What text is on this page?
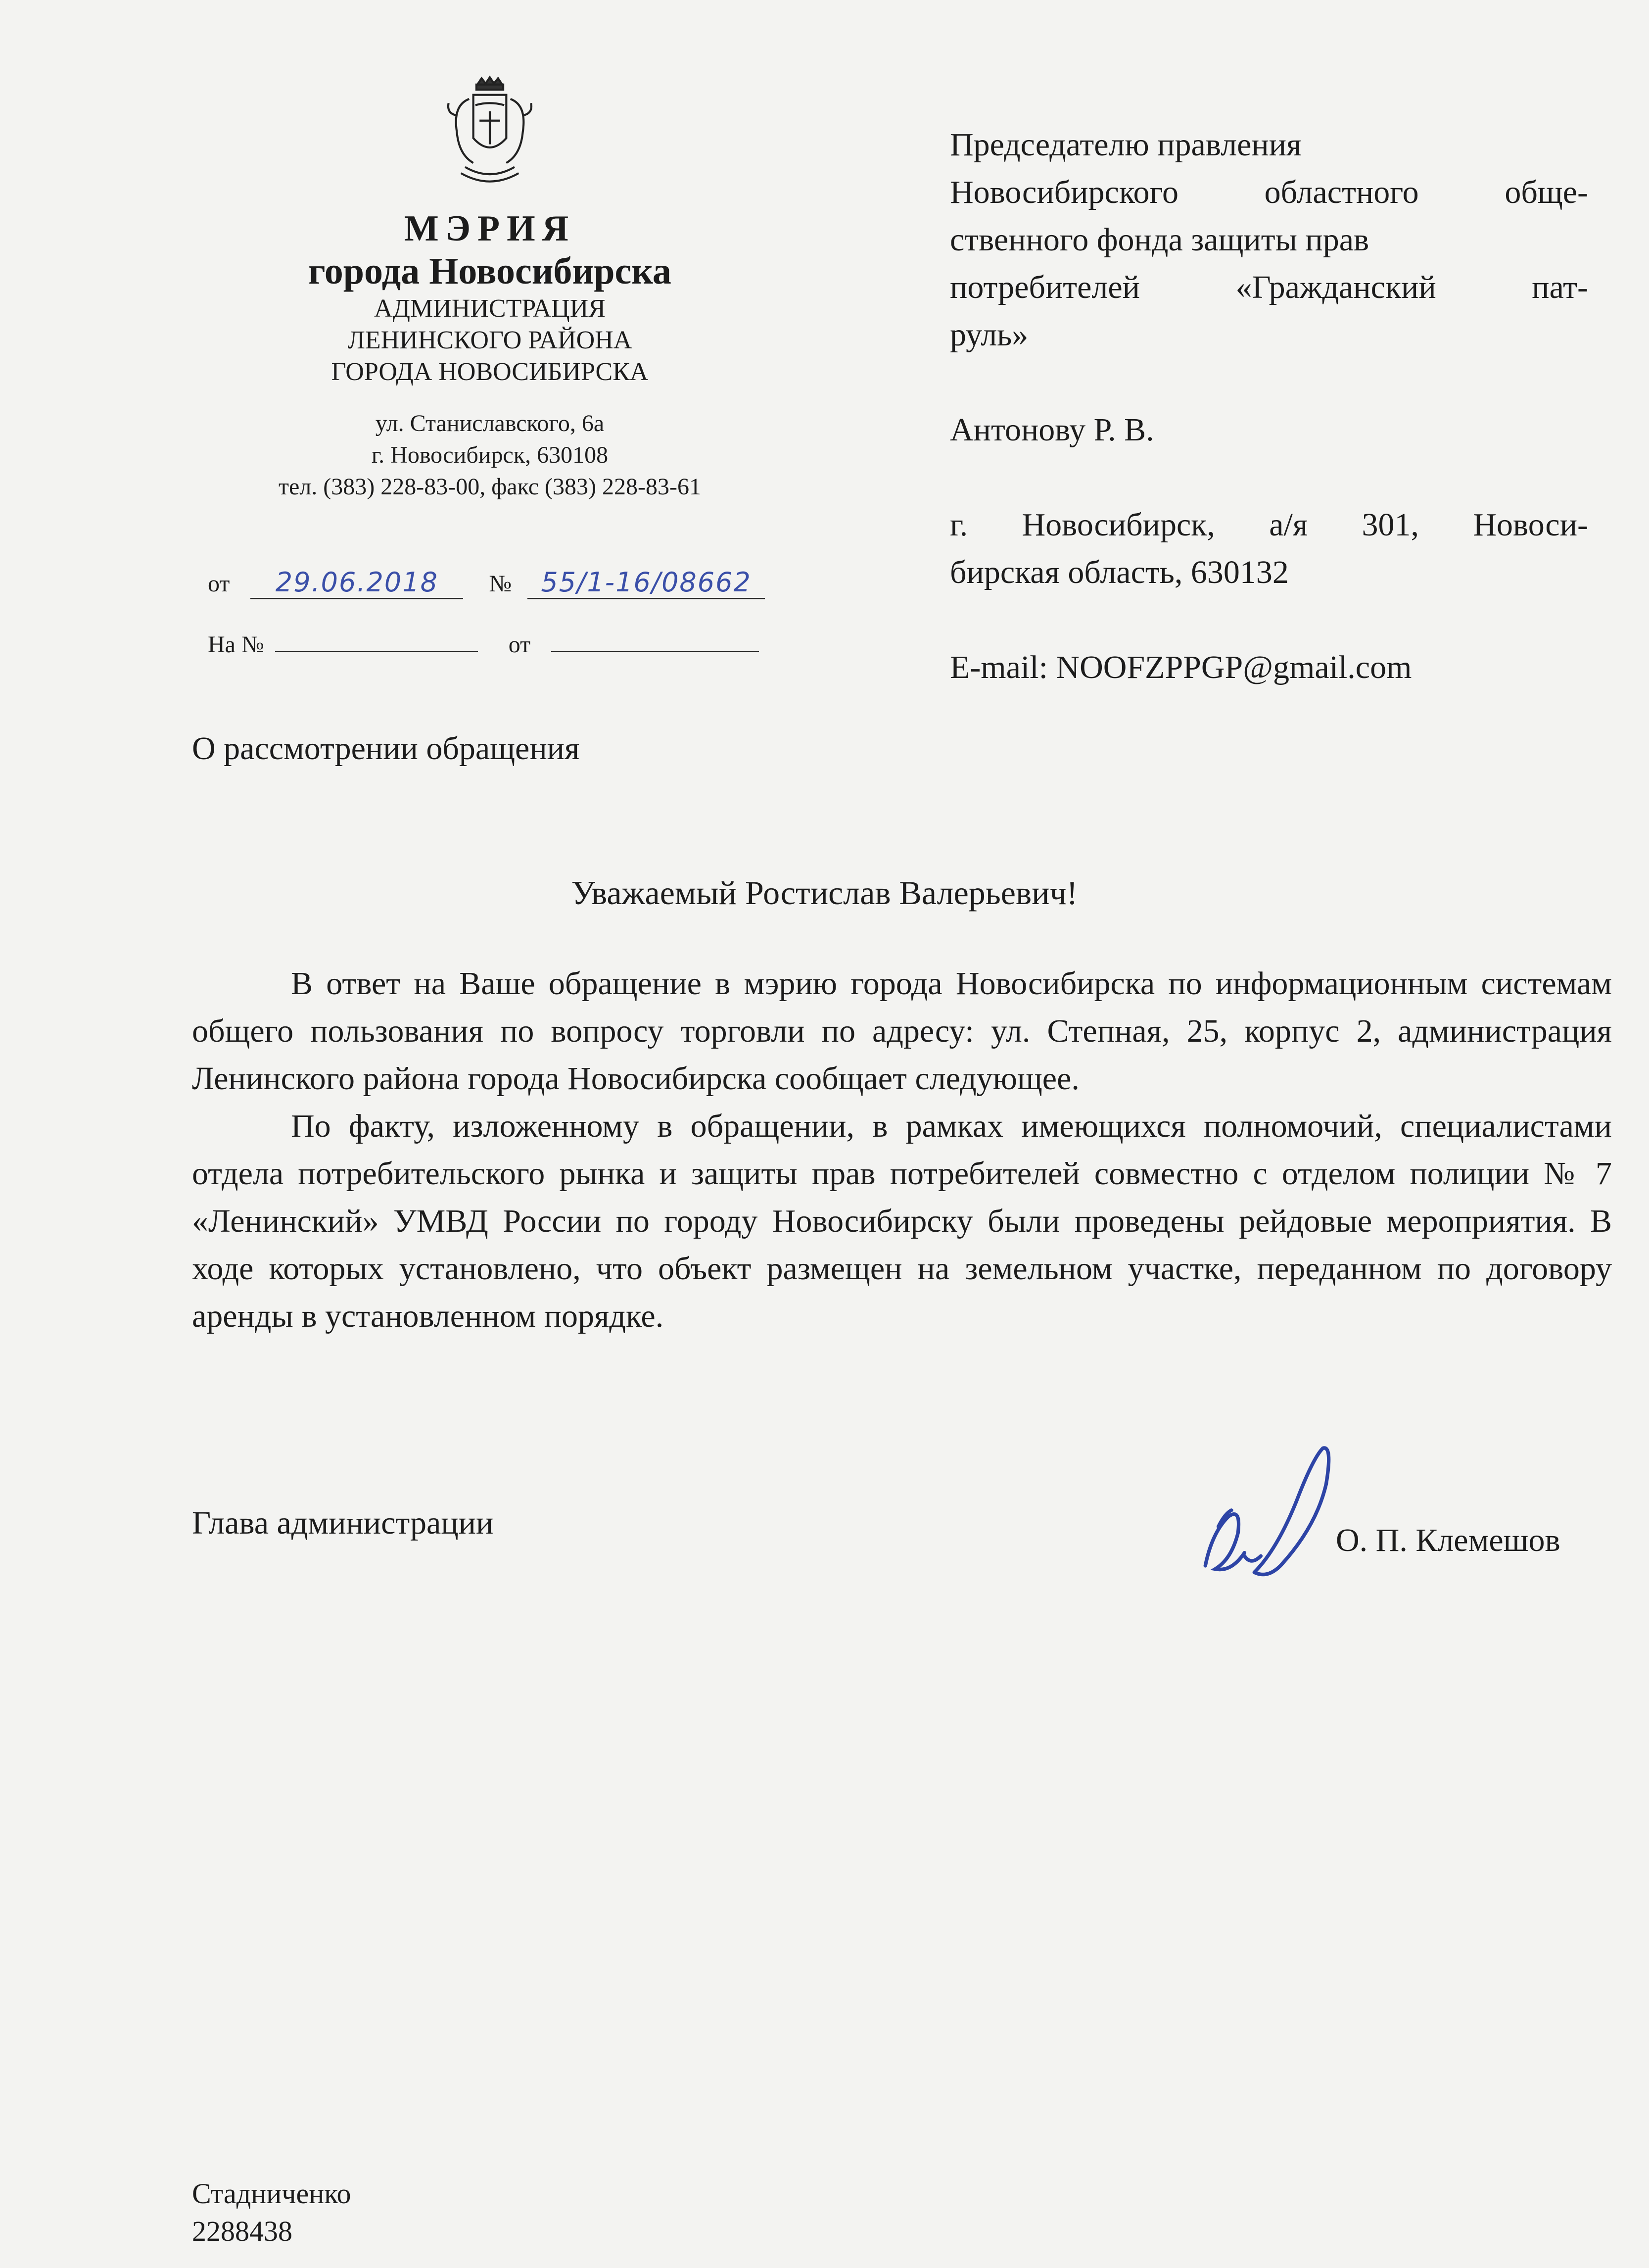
МЭРИЯ
города Новосибирска
АДМИНИСТРАЦИЯ
ЛЕНИНСКОГО РАЙОНА
ГОРОДА НОВОСИБИРСКА
ул. Станиславского, 6а
г. Новосибирск, 630108
тел. (383) 228-83-00, факс (383) 228-83-61
от 29.06.2018 № 55/1-16/08662
На №	от

Председателю правления

Новосибирского областного обще-

ственного фонда защиты прав

потребителей «Гражданский пат-

руль»

Антонову Р. В.

г. Новосибирск, а/я 301, Новоси-

бирская область, 630132

E-mail: NOOFZPPGP@gmail.com

О рассмотрении обращения
Уважаемый Ростислав Валерьевич!

В ответ на Ваше обращение в мэрию города Новосибирска по информационным системам общего пользования по вопросу торговли по адресу: ул. Степная, 25, корпус 2, администрация Ленинского района города Новосибирска сообщает следующее.

По факту, изложенному в обращении, в рамках имеющихся полномочий, специалистами отдела потребительского рынка и защиты прав потребителей совместно с отделом полиции № 7 «Ленинский» УМВД России по городу Новосибирску были проведены рейдовые мероприятия. В ходе которых установлено, что объект размещен на земельном участке, переданном по договору аренды в установленном порядке.

Глава администрации	О. П. Клемешов
Стадниченко
2288438
